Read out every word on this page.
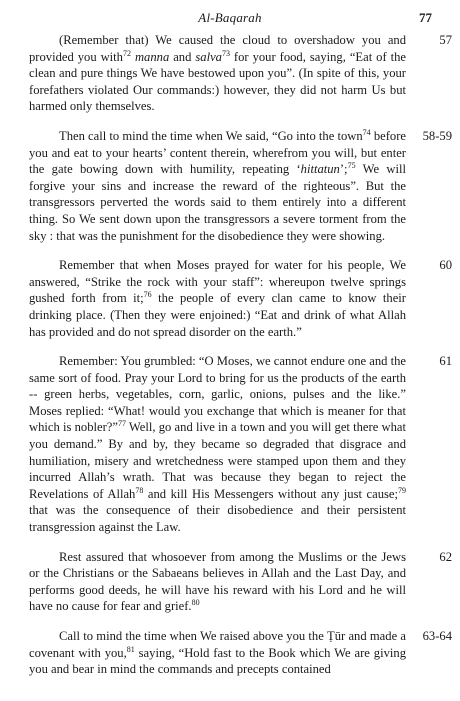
Al-Baqarah	77
(Remember that) We caused the cloud to overshadow you and provided you with$^{72}$ manna and salva$^{73}$ for your food, saying, “Eat of the clean and pure things We have bestowed upon you”. (In spite of this, your forefathers violated Our commands:) however, they did not harm Us but harmed only themselves.
57
Then call to mind the time when We said, “Go into the town$^{74}$ before you and eat to your hearts’ content therein, wherefrom you will, but enter the gate bowing down with humility, repeating ‘hittatun’;$^{75}$ We will forgive your sins and increase the reward of the righteous”. But the transgressors perverted the words said to them entirely into a different thing. So We sent down upon the transgressors a severe torment from the sky : that was the punishment for the disobedience they were showing.
58-59
Remember that when Moses prayed for water for his people, We answered, “Strike the rock with your staff”: whereupon twelve springs gushed forth from it;$^{76}$ the people of every clan came to know their drinking place. (Then they were enjoined:) “Eat and drink of what Allah has provided and do not spread disorder on the earth.”
60
Remember: You grumbled: “O Moses, we cannot endure one and the same sort of food. Pray your Lord to bring for us the products of the earth -- green herbs, vegetables, corn, garlic, onions, pulses and the like.” Moses replied: “What! would you exchange that which is meaner for that which is nobler?”$^{77}$ Well, go and live in a town and you will get there what you demand.” By and by, they became so degraded that disgrace and humiliation, misery and wretchedness were stamped upon them and they incurred Allah’s wrath. That was because they began to reject the Revelations of Allah$^{78}$ and kill His Messengers without any just cause;$^{79}$ that was the consequence of their disobedience and their persistent transgression against the Law.
61
Rest assured that whosoever from among the Muslims or the Jews or the Christians or the Sabaeans believes in Allah and the Last Day, and performs good deeds, he will have his reward with his Lord and he will have no cause for fear and grief.$^{80}$
62
Call to mind the time when We raised above you the Ṭūr and made a covenant with you,$^{81}$ saying, “Hold fast to the Book which We are giving you and bear in mind the commands and precepts contained
63-64
